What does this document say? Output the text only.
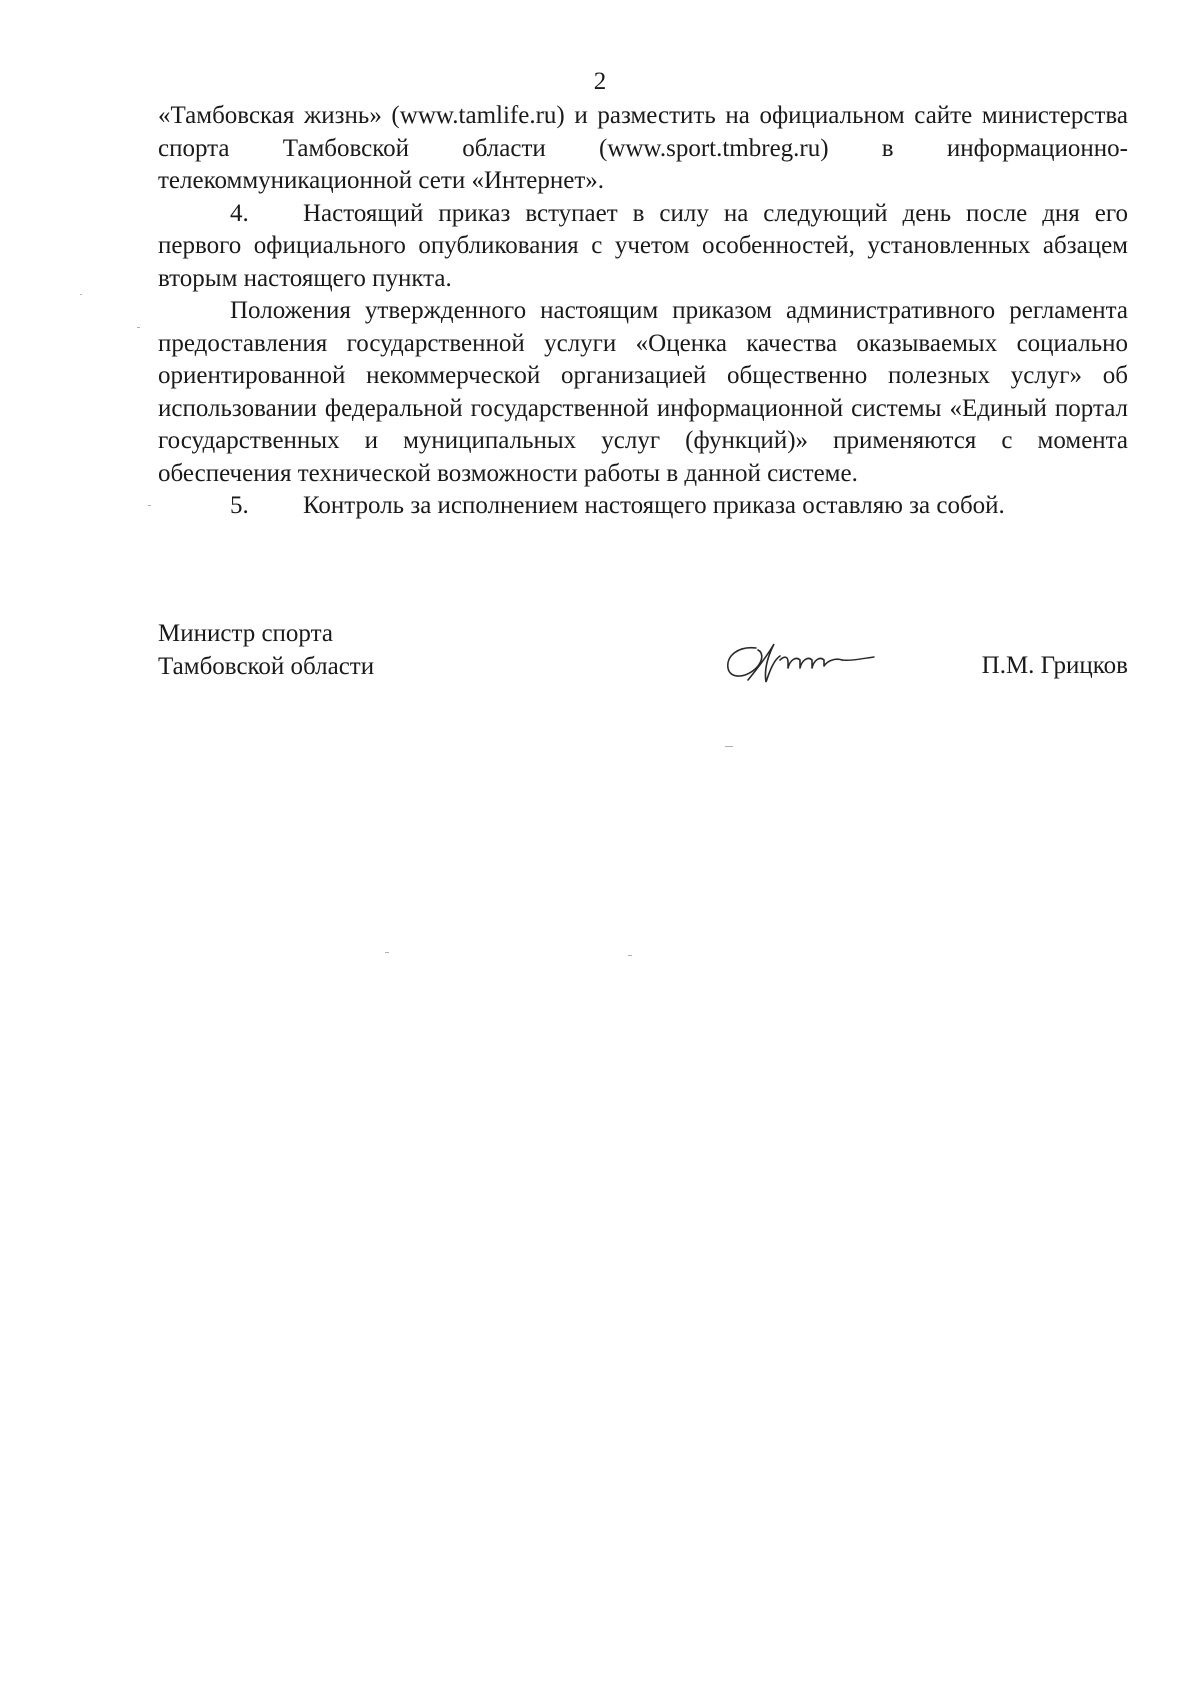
2

«Тамбовская жизнь» (www.tamlife.ru) и разместить на официальном сайте министерства спорта Тамбовской области (www.sport.tmbreg.ru) в информационно-телекоммуникационной сети «Интернет».

4. Настоящий приказ вступает в силу на следующий день после дня его первого официального опубликования с учетом особенностей, установленных абзацем вторым настоящего пункта.

Положения утвержденного настоящим приказом административного регламента предоставления государственной услуги «Оценка качества оказываемых социально ориентированной некоммерческой организацией общественно полезных услуг» об использовании федеральной государственной информационной системы «Единый портал государственных и муниципальных услуг (функций)» применяются с момента обеспечения технической возможности работы в данной системе.

5. Контроль за исполнением настоящего приказа оставляю за собой.

Министр спорта
Тамбовской области	П.М. Грицков
